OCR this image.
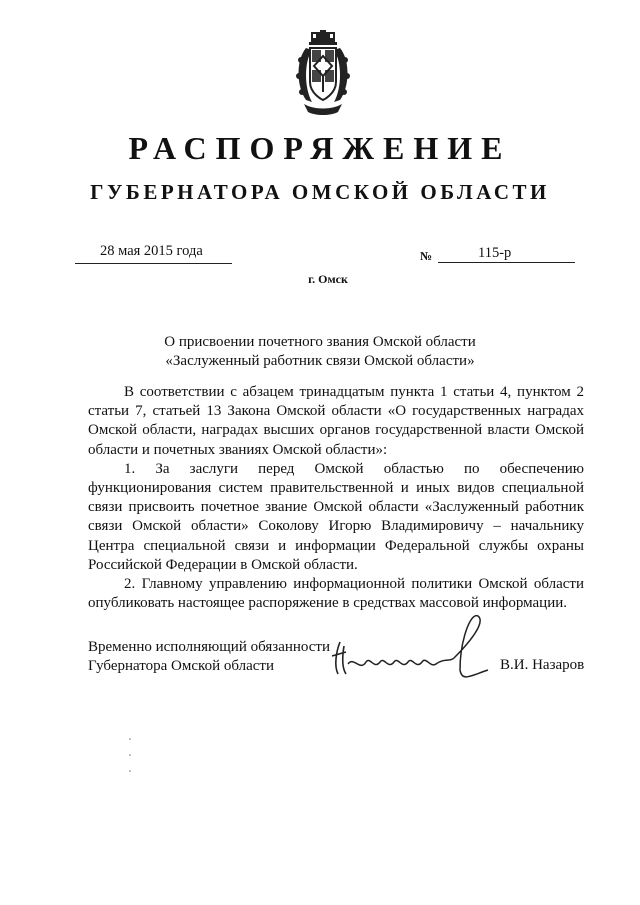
РАСПОРЯЖЕНИЕ
ГУБЕРНАТОРА ОМСКОЙ ОБЛАСТИ
28 мая 2015 года	№	115-р
г. Омск
О присвоении почетного звания Омской области
«Заслуженный работник связи Омской области»

В соответствии с абзацем тринадцатым пункта 1 статьи 4, пунктом 2 статьи 7, статьей 13 Закона Омской области «О государственных наградах Омской области, наградах высших органов государственной власти Омской области и почетных званиях Омской области»:

1. За заслуги перед Омской областью по обеспечению функционирования систем правительственной и иных видов специальной связи присвоить почетное звание Омской области «Заслуженный работник связи Омской области» Соколову Игорю Владимировичу – начальнику Центра специальной связи и информации Федеральной службы охраны Российской Федерации в Омской области.

2. Главному управлению информационной политики Омской области опубликовать настоящее распоряжение в средствах массовой информации.

Временно исполняющий обязанности
Губернатора Омской области	В.И. Назаров
